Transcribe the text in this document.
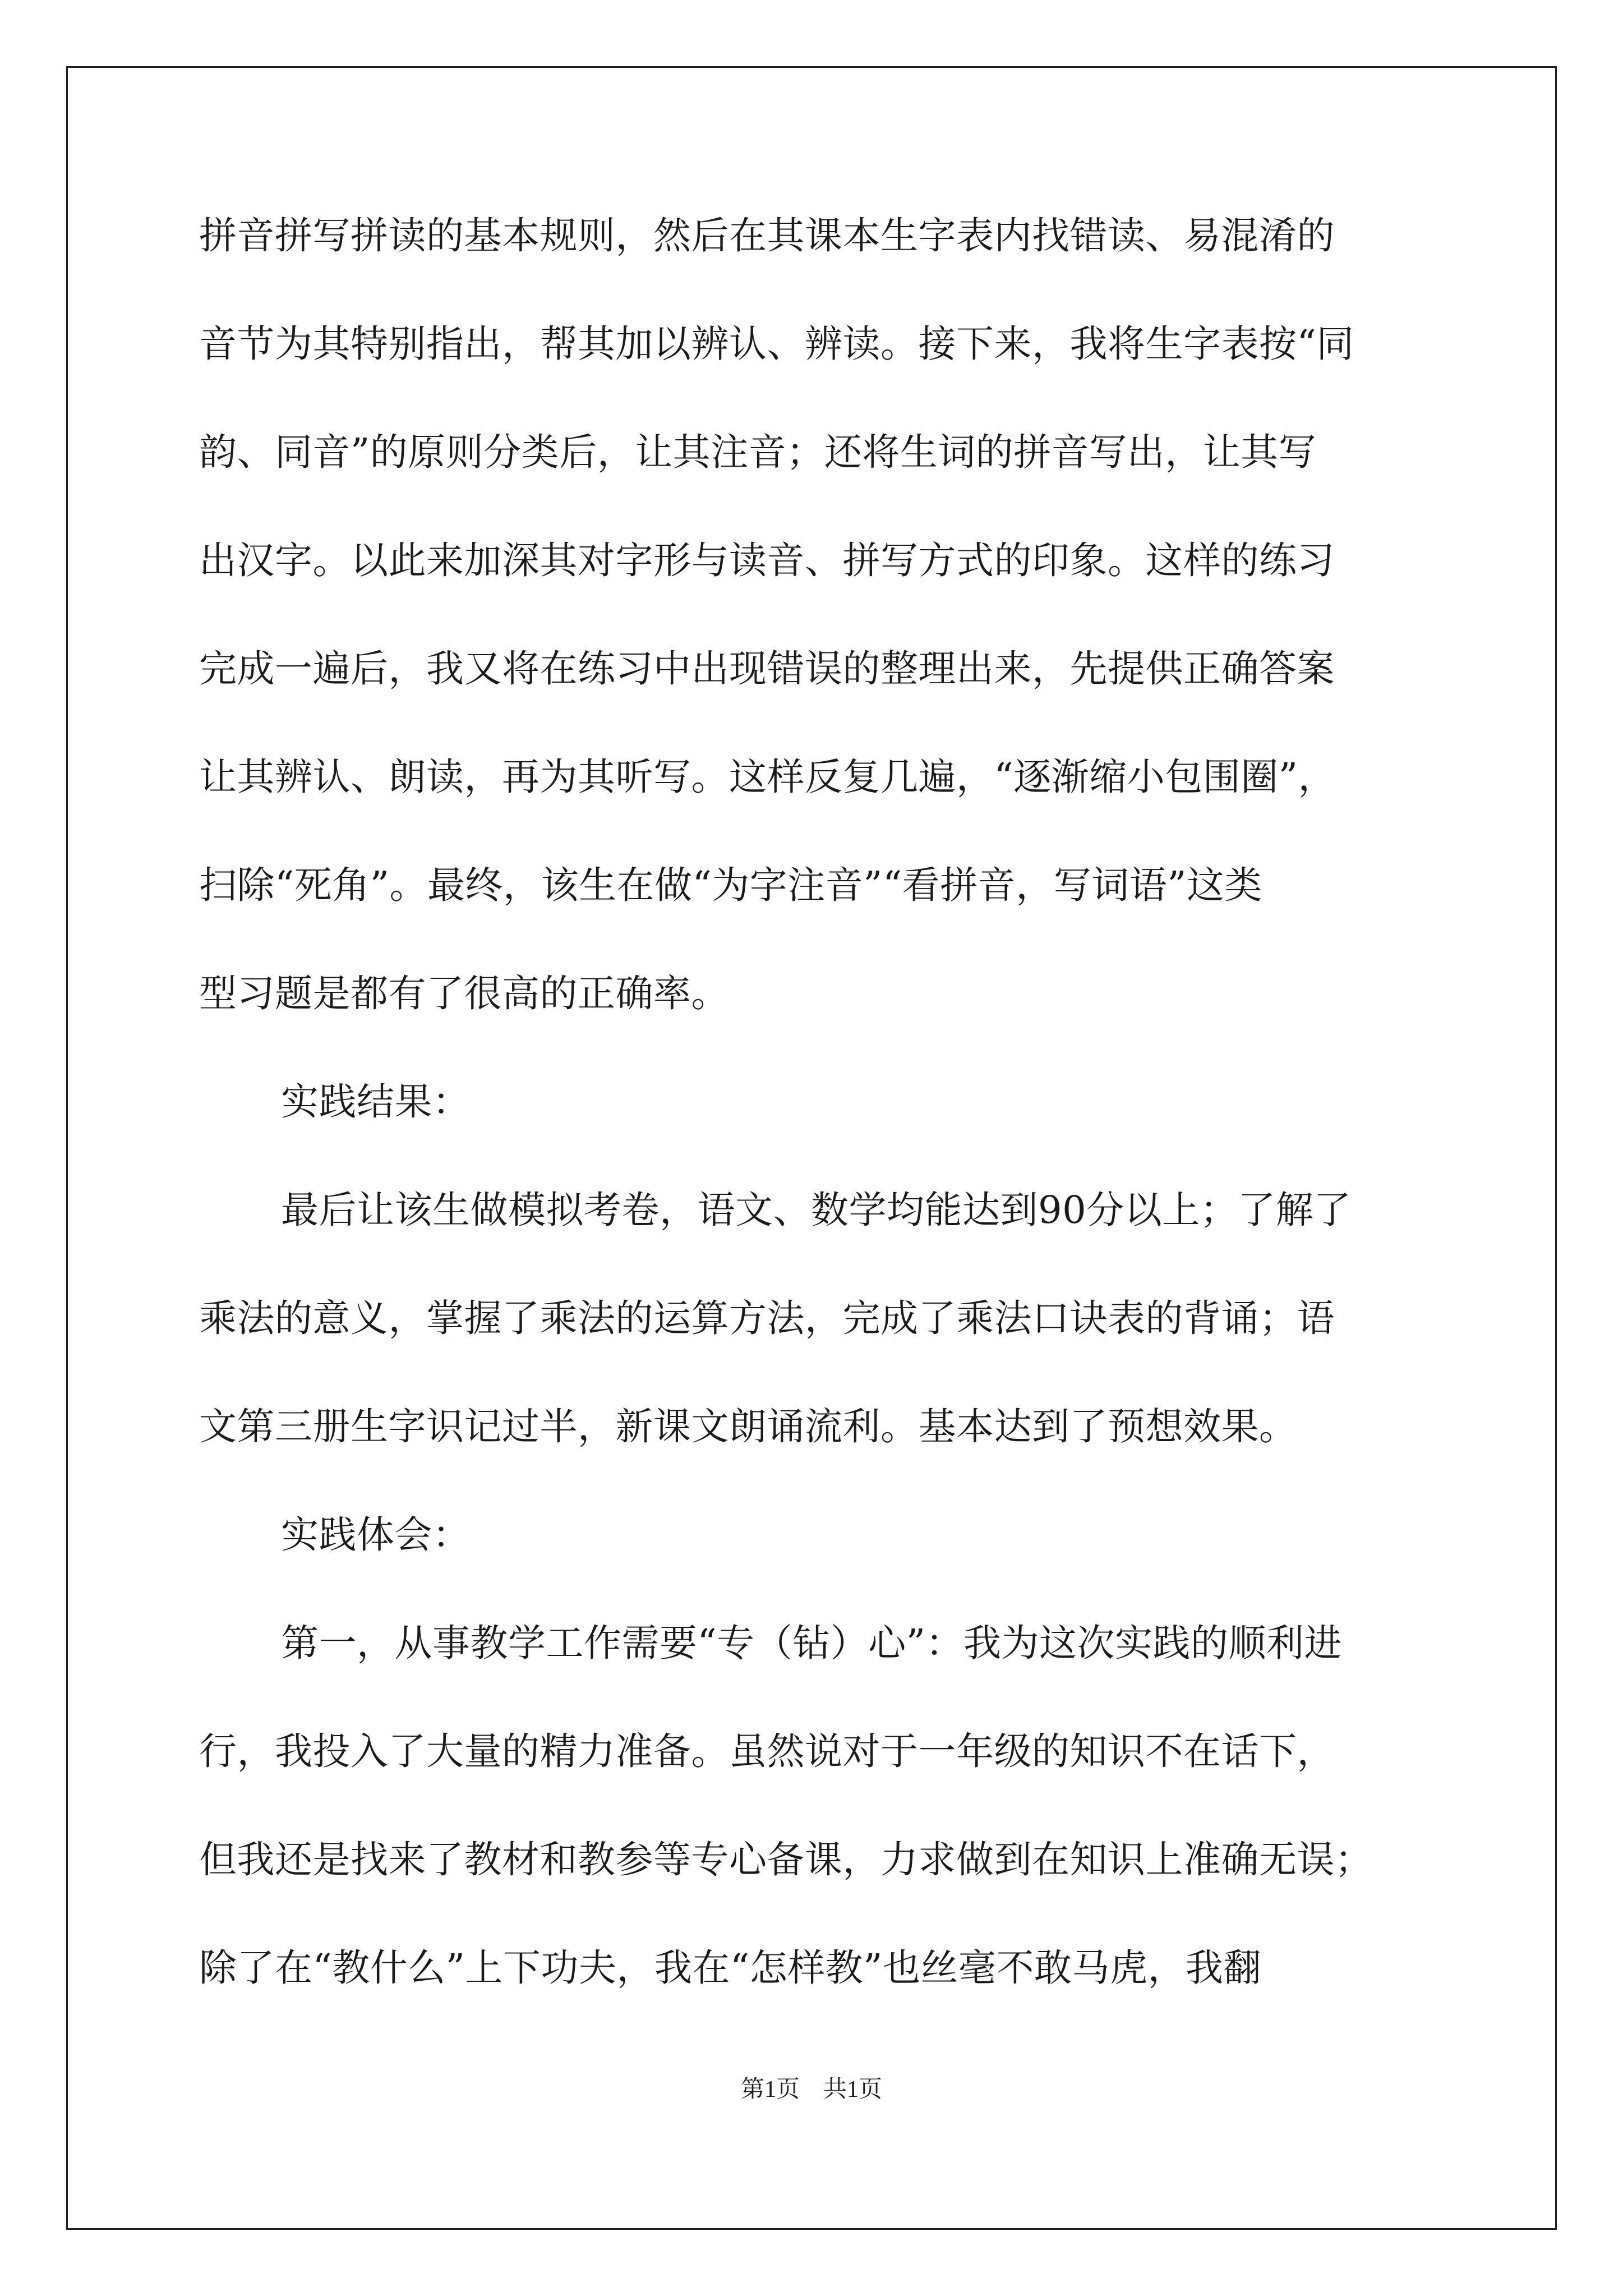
拼音拼写拼读的基本规则，然后在其课本生字表内找错读、易混淆的
音节为其特别指出，帮其加以辨认、辨读。接下来，我将生字表按“同
韵、同音”的原则分类后，让其注音；还将生词的拼音写出，让其写
出汉字。以此来加深其对字形与读音、拼写方式的印象。这样的练习
完成一遍后，我又将在练习中出现错误的整理出来，先提供正确答案
让其辨认、朗读，再为其听写。这样反复几遍，“逐渐缩小包围圈”，
扫除“死角”。最终，该生在做“为字注音”“看拼音，写词语”这类
型习题是都有了很高的正确率。
实践结果：
最后让该生做模拟考卷，语文、数学均能达到90分以上；了解了
乘法的意义，掌握了乘法的运算方法，完成了乘法口诀表的背诵；语
文第三册生字识记过半，新课文朗诵流利。基本达到了预想效果。
实践体会：
第一，从事教学工作需要“专（钻）心”：我为这次实践的顺利进
行，我投入了大量的精力准备。虽然说对于一年级的知识不在话下，
但我还是找来了教材和教参等专心备课，力求做到在知识上准确无误；
除了在“教什么”上下功夫，我在“怎样教”也丝毫不敢马虎，我翻
第1页　共1页
